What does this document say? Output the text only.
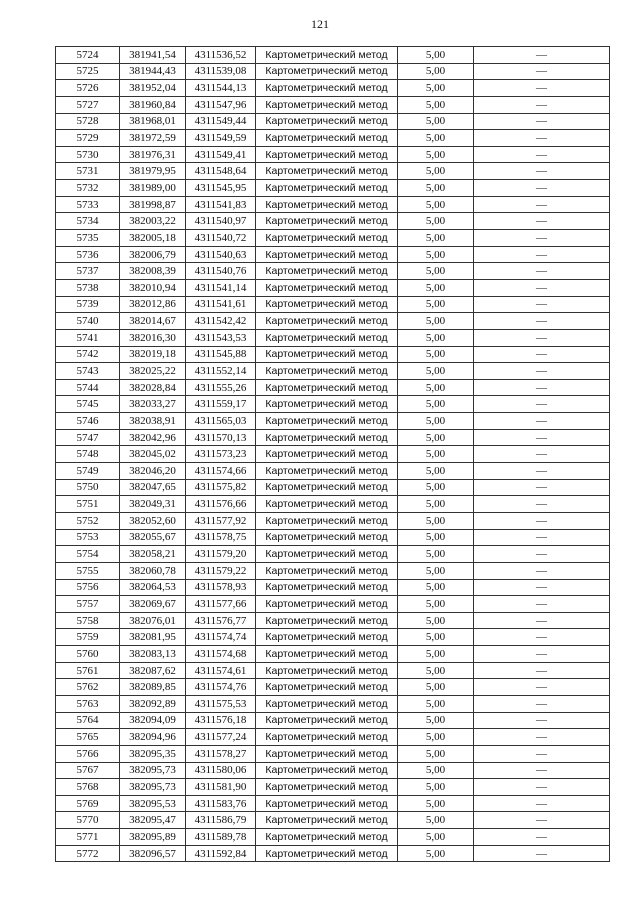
121
5724	381941,54	4311536,52	Картометрический метод	5,00	—
5725	381944,43	4311539,08	Картометрический метод	5,00	—
5726	381952,04	4311544,13	Картометрический метод	5,00	—
5727	381960,84	4311547,96	Картометрический метод	5,00	—
5728	381968,01	4311549,44	Картометрический метод	5,00	—
5729	381972,59	4311549,59	Картометрический метод	5,00	—
5730	381976,31	4311549,41	Картометрический метод	5,00	—
5731	381979,95	4311548,64	Картометрический метод	5,00	—
5732	381989,00	4311545,95	Картометрический метод	5,00	—
5733	381998,87	4311541,83	Картометрический метод	5,00	—
5734	382003,22	4311540,97	Картометрический метод	5,00	—
5735	382005,18	4311540,72	Картометрический метод	5,00	—
5736	382006,79	4311540,63	Картометрический метод	5,00	—
5737	382008,39	4311540,76	Картометрический метод	5,00	—
5738	382010,94	4311541,14	Картометрический метод	5,00	—
5739	382012,86	4311541,61	Картометрический метод	5,00	—
5740	382014,67	4311542,42	Картометрический метод	5,00	—
5741	382016,30	4311543,53	Картометрический метод	5,00	—
5742	382019,18	4311545,88	Картометрический метод	5,00	—
5743	382025,22	4311552,14	Картометрический метод	5,00	—
5744	382028,84	4311555,26	Картометрический метод	5,00	—
5745	382033,27	4311559,17	Картометрический метод	5,00	—
5746	382038,91	4311565,03	Картометрический метод	5,00	—
5747	382042,96	4311570,13	Картометрический метод	5,00	—
5748	382045,02	4311573,23	Картометрический метод	5,00	—
5749	382046,20	4311574,66	Картометрический метод	5,00	—
5750	382047,65	4311575,82	Картометрический метод	5,00	—
5751	382049,31	4311576,66	Картометрический метод	5,00	—
5752	382052,60	4311577,92	Картометрический метод	5,00	—
5753	382055,67	4311578,75	Картометрический метод	5,00	—
5754	382058,21	4311579,20	Картометрический метод	5,00	—
5755	382060,78	4311579,22	Картометрический метод	5,00	—
5756	382064,53	4311578,93	Картометрический метод	5,00	—
5757	382069,67	4311577,66	Картометрический метод	5,00	—
5758	382076,01	4311576,77	Картометрический метод	5,00	—
5759	382081,95	4311574,74	Картометрический метод	5,00	—
5760	382083,13	4311574,68	Картометрический метод	5,00	—
5761	382087,62	4311574,61	Картометрический метод	5,00	—
5762	382089,85	4311574,76	Картометрический метод	5,00	—
5763	382092,89	4311575,53	Картометрический метод	5,00	—
5764	382094,09	4311576,18	Картометрический метод	5,00	—
5765	382094,96	4311577,24	Картометрический метод	5,00	—
5766	382095,35	4311578,27	Картометрический метод	5,00	—
5767	382095,73	4311580,06	Картометрический метод	5,00	—
5768	382095,73	4311581,90	Картометрический метод	5,00	—
5769	382095,53	4311583,76	Картометрический метод	5,00	—
5770	382095,47	4311586,79	Картометрический метод	5,00	—
5771	382095,89	4311589,78	Картометрический метод	5,00	—
5772	382096,57	4311592,84	Картометрический метод	5,00	—
